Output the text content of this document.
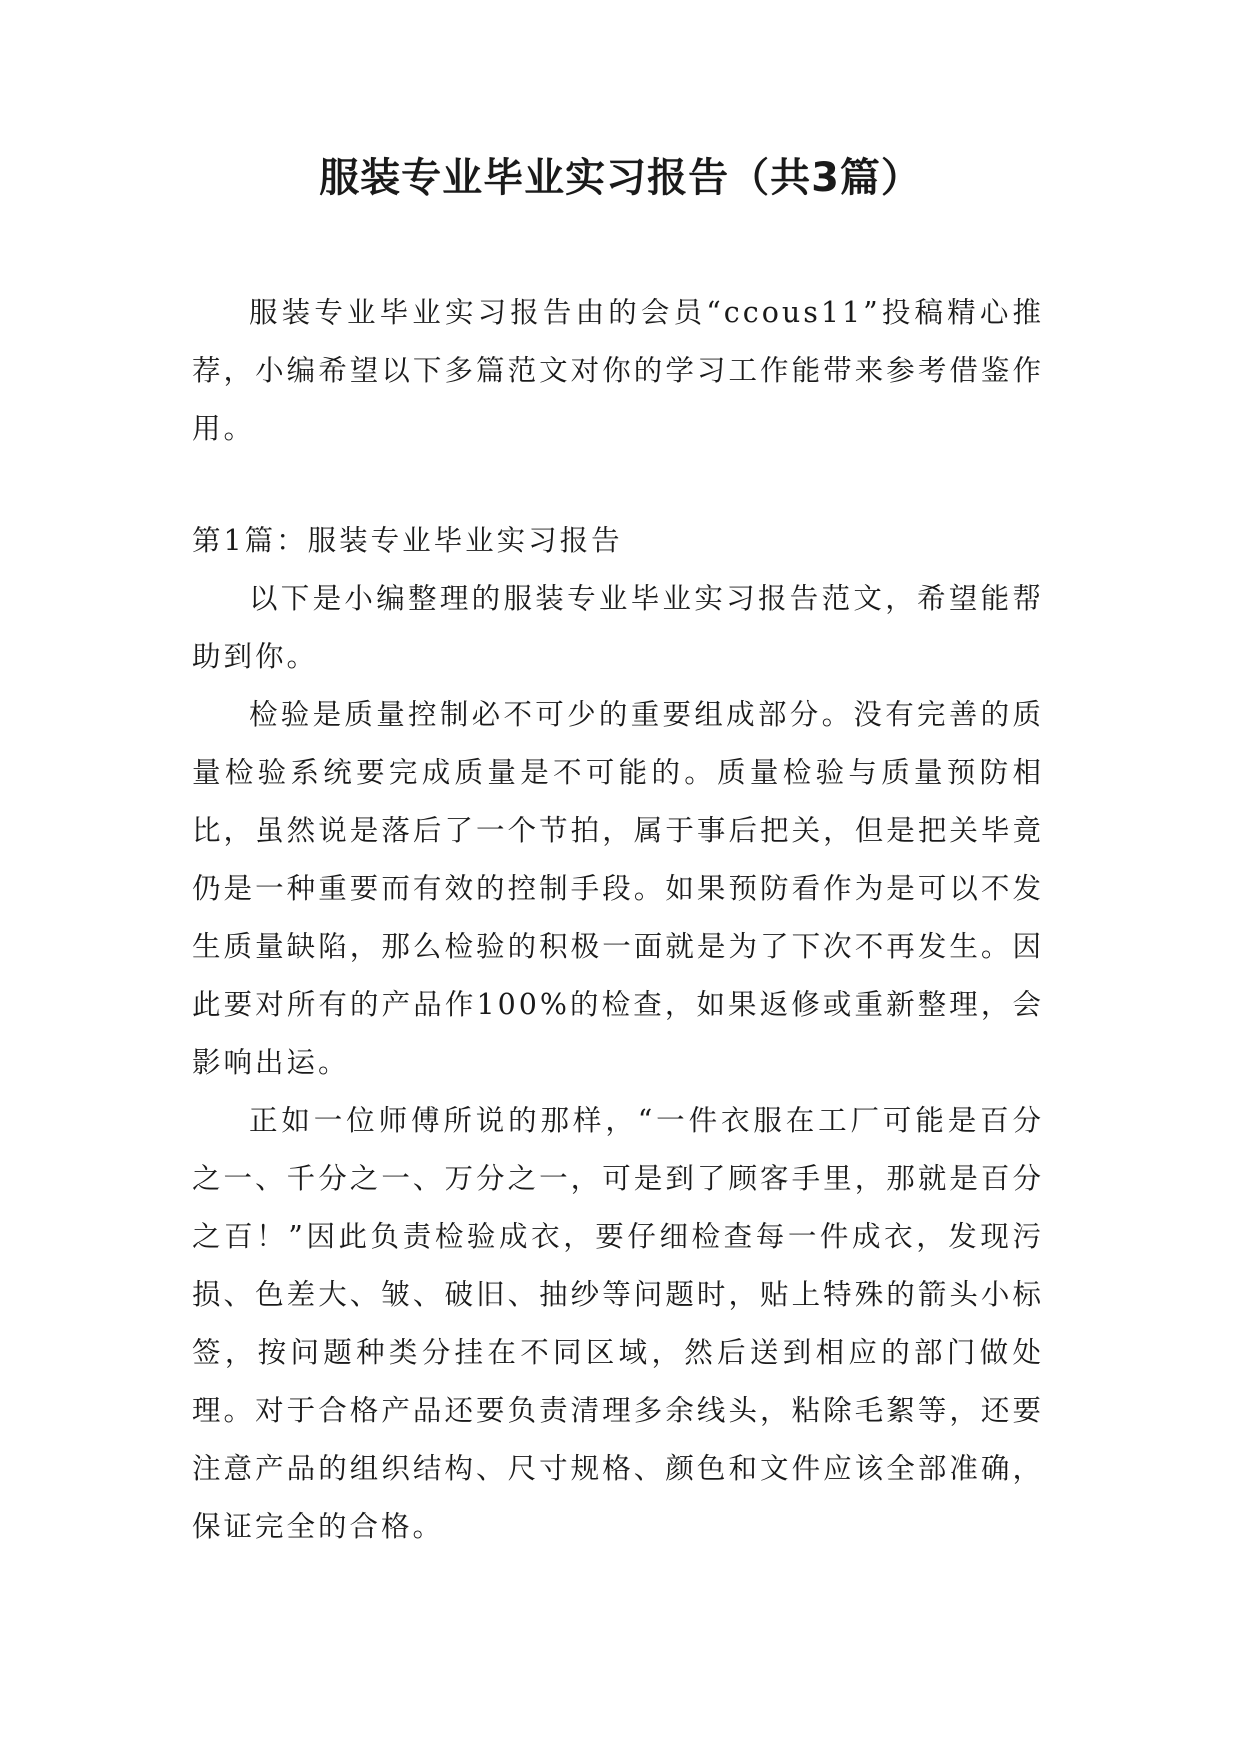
服装专业毕业实习报告（共3篇）

服装专业毕业实习报告由的会员“ccous11”投稿精心推荐，小编希望以下多篇范文对你的学习工作能带来参考借鉴作用。

第1篇：服装专业毕业实习报告

以下是小编整理的服装专业毕业实习报告范文，希望能帮助到你。

检验是质量控制必不可少的重要组成部分。没有完善的质量检验系统要完成质量是不可能的。质量检验与质量预防相比，虽然说是落后了一个节拍，属于事后把关，但是把关毕竟仍是一种重要而有效的控制手段。如果预防看作为是可以不发生质量缺陷，那么检验的积极一面就是为了下次不再发生。因此要对所有的产品作100%的检查，如果返修或重新整理，会影响出运。

正如一位师傅所说的那样，“一件衣服在工厂可能是百分之一、千分之一、万分之一，可是到了顾客手里，那就是百分之百！”因此负责检验成衣，要仔细检查每一件成衣，发现污损、色差大、皱、破旧、抽纱等问题时，贴上特殊的箭头小标签，按问题种类分挂在不同区域，然后送到相应的部门做处理。对于合格产品还要负责清理多余线头，粘除毛絮等，还要注意产品的组织结构、尺寸规格、颜色和文件应该全部准确，保证完全的合格。
